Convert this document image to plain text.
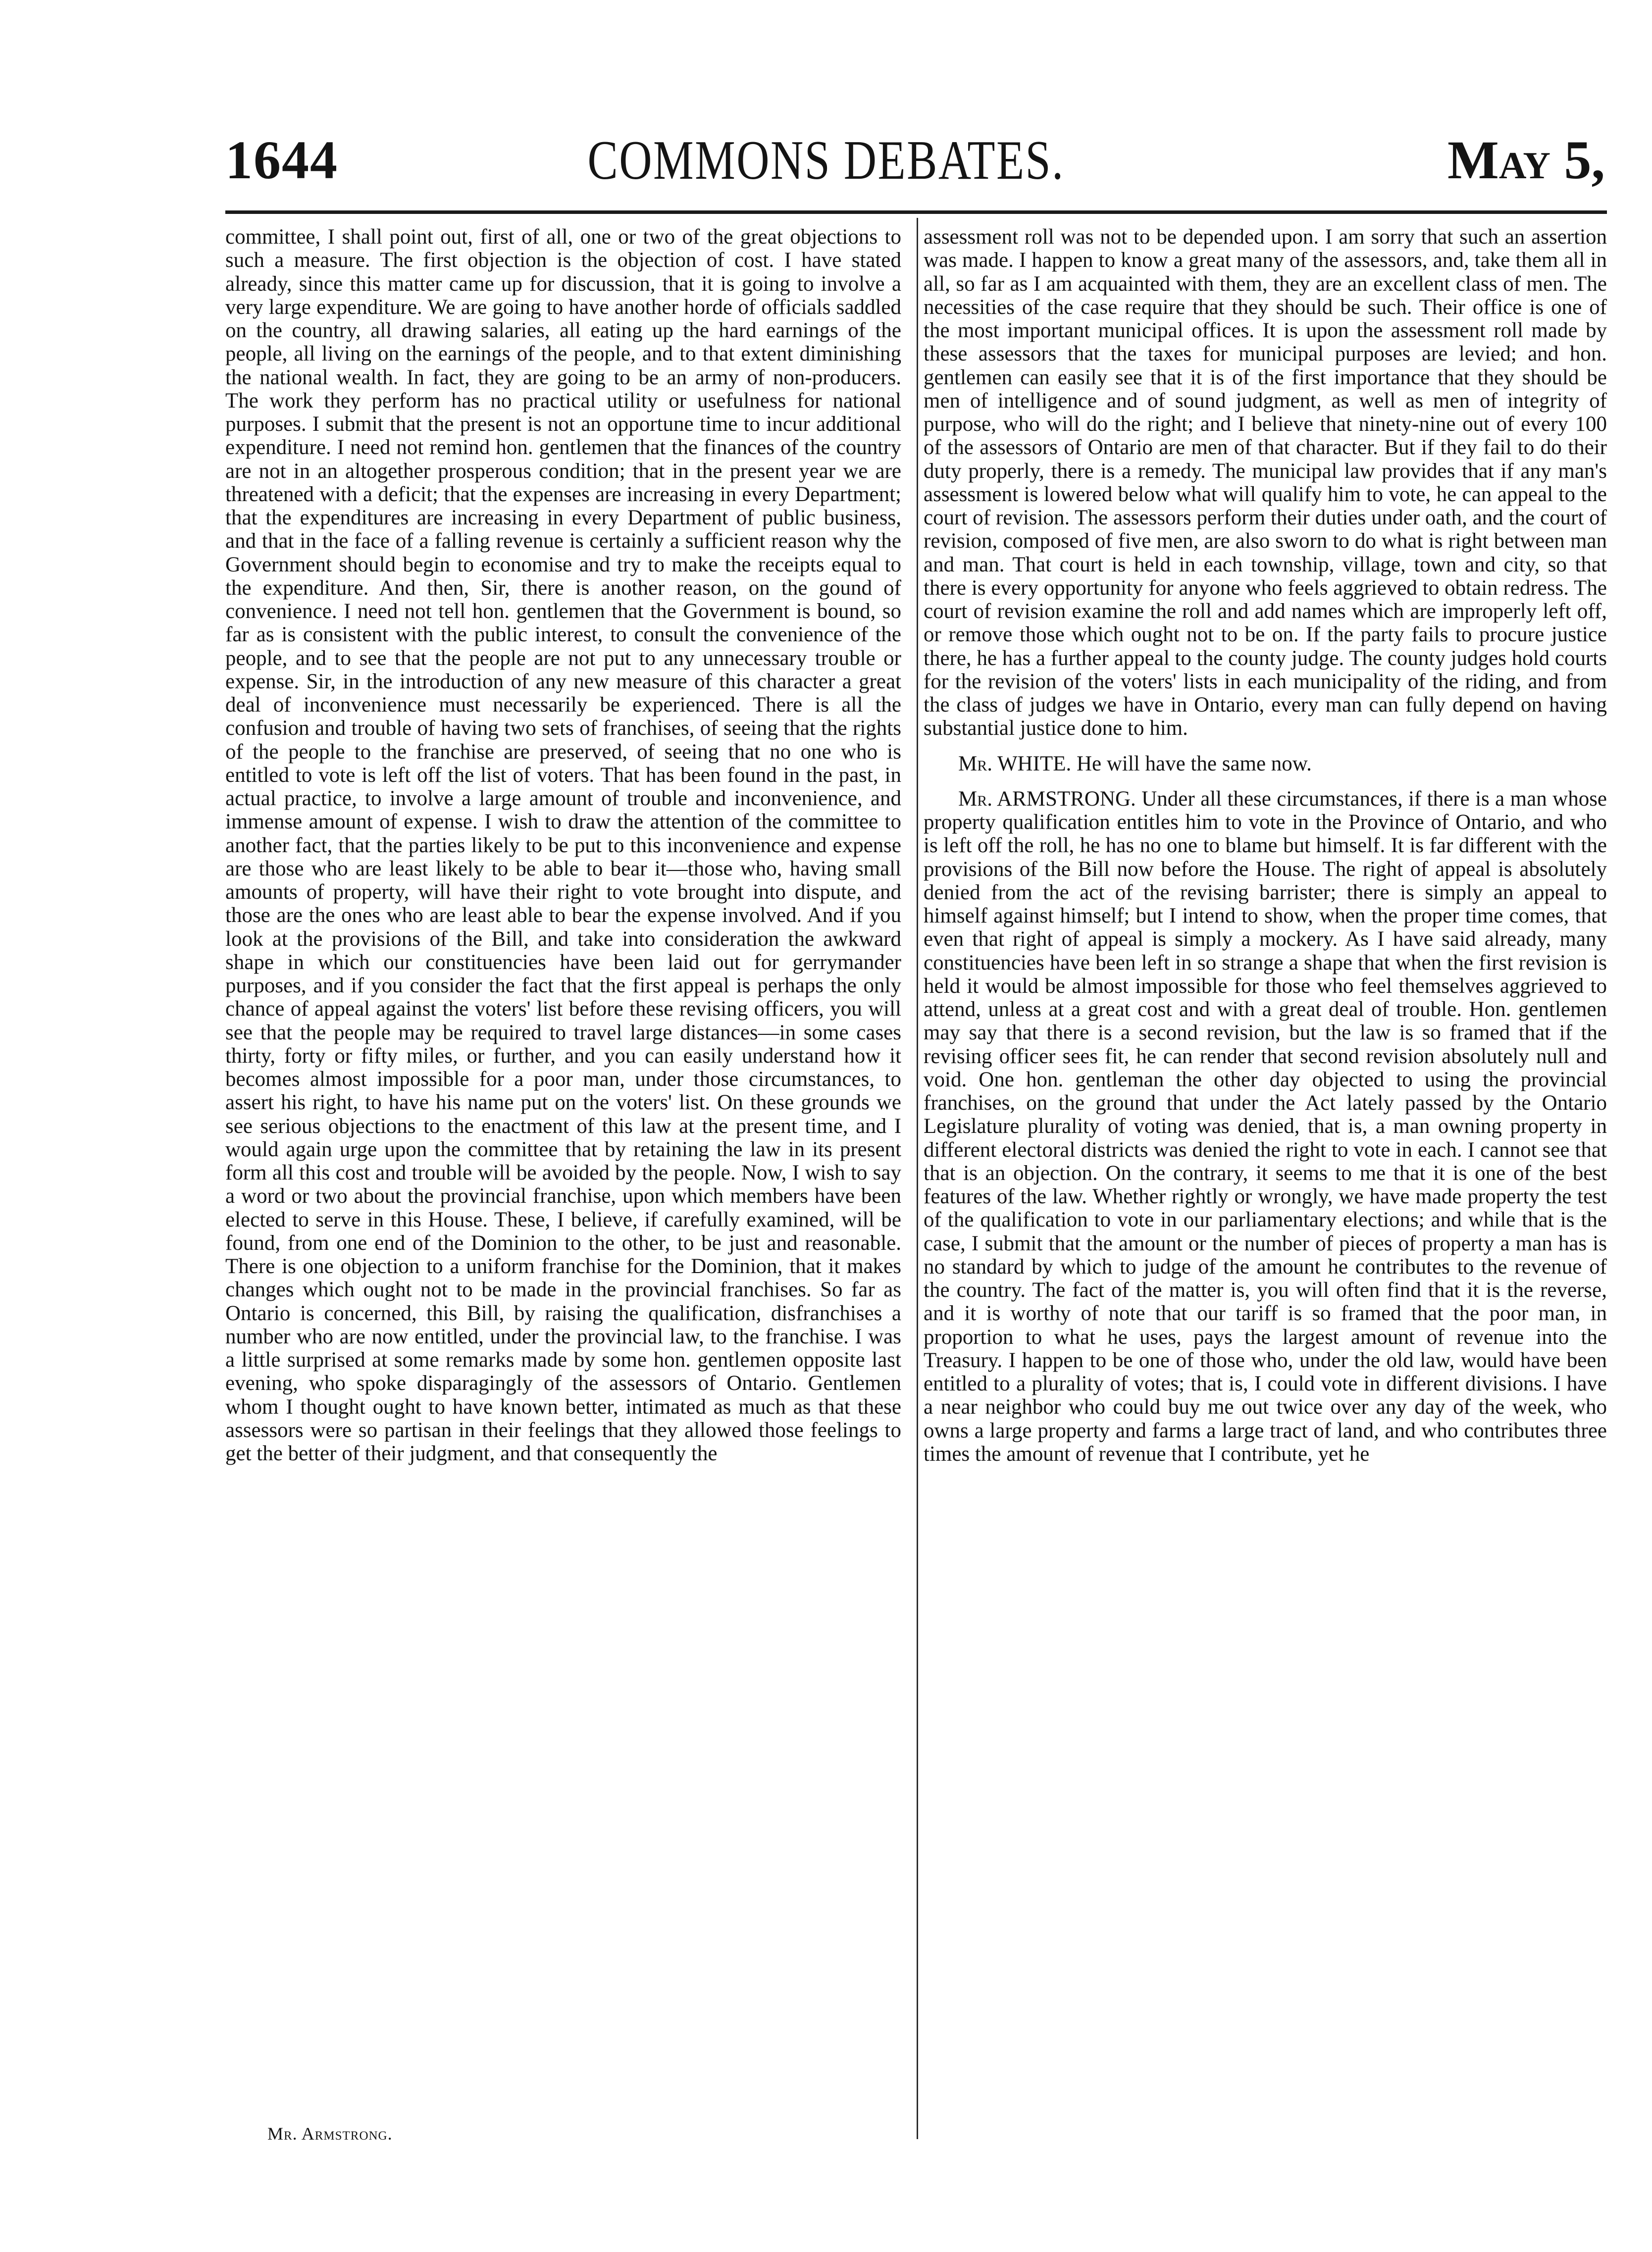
1644	COMMONS DEBATES.	May 5,

committee, I shall point out, first of all, one or two of the great objections to such a measure. The first objection is the objection of cost. I have stated already, since this matter came up for discussion, that it is going to involve a very large expenditure. We are going to have another horde of officials saddled on the country, all drawing salaries, all eating up the hard earnings of the people, all living on the earnings of the people, and to that extent diminishing the national wealth. In fact, they are going to be an army of non-producers. The work they perform has no practical utility or usefulness for national purposes. I submit that the present is not an opportune time to incur additional expenditure. I need not remind hon. gentlemen that the finances of the country are not in an altogether prosperous condition; that in the present year we are threatened with a deficit; that the expenses are increasing in every Department; that the expenditures are increasing in every Department of public business, and that in the face of a falling revenue is certainly a sufficient reason why the Government should begin to economise and try to make the receipts equal to the expenditure. And then, Sir, there is another reason, on the gound of convenience. I need not tell hon. gentlemen that the Government is bound, so far as is consistent with the public interest, to consult the convenience of the people, and to see that the people are not put to any unnecessary trouble or expense. Sir, in the introduction of any new measure of this character a great deal of inconvenience must necessarily be experienced. There is all the confusion and trouble of having two sets of franchises, of seeing that the rights of the people to the franchise are preserved, of seeing that no one who is entitled to vote is left off the list of voters. That has been found in the past, in actual practice, to involve a large amount of trouble and inconvenience, and immense amount of expense. I wish to draw the attention of the committee to another fact, that the parties likely to be put to this inconvenience and expense are those who are least likely to be able to bear it—those who, having small amounts of property, will have their right to vote brought into dispute, and those are the ones who are least able to bear the expense involved. And if you look at the provisions of the Bill, and take into consideration the awkward shape in which our constituencies have been laid out for gerrymander purposes, and if you consider the fact that the first appeal is perhaps the only chance of appeal against the voters' list before these revising officers, you will see that the people may be required to travel large distances—in some cases thirty, forty or fifty miles, or further, and you can easily understand how it becomes almost impossible for a poor man, under those circumstances, to assert his right, to have his name put on the voters' list. On these grounds we see serious objections to the enactment of this law at the present time, and I would again urge upon the committee that by retaining the law in its present form all this cost and trouble will be avoided by the people. Now, I wish to say a word or two about the provincial franchise, upon which members have been elected to serve in this House. These, I believe, if carefully examined, will be found, from one end of the Dominion to the other, to be just and reasonable. There is one objection to a uniform franchise for the Dominion, that it makes changes which ought not to be made in the provincial franchises. So far as Ontario is concerned, this Bill, by raising the qualification, disfranchises a number who are now entitled, under the provincial law, to the franchise. I was a little surprised at some remarks made by some hon. gentlemen opposite last evening, who spoke disparagingly of the assessors of Ontario. Gentlemen whom I thought ought to have known better, intimated as much as that these assessors were so partisan in their feelings that they allowed those feelings to get the better of their judgment, and that consequently the

assessment roll was not to be depended upon. I am sorry that such an assertion was made. I happen to know a great many of the assessors, and, take them all in all, so far as I am acquainted with them, they are an excellent class of men. The necessities of the case require that they should be such. Their office is one of the most important municipal offices. It is upon the assessment roll made by these assessors that the taxes for municipal purposes are levied; and hon. gentlemen can easily see that it is of the first importance that they should be men of intelligence and of sound judgment, as well as men of integrity of purpose, who will do the right; and I believe that ninety-nine out of every 100 of the assessors of Ontario are men of that character. But if they fail to do their duty properly, there is a remedy. The municipal law provides that if any man's assessment is lowered below what will qualify him to vote, he can appeal to the court of revision. The assessors perform their duties under oath, and the court of revision, composed of five men, are also sworn to do what is right between man and man. That court is held in each township, village, town and city, so that there is every opportunity for anyone who feels aggrieved to obtain redress. The court of revision examine the roll and add names which are improperly left off, or remove those which ought not to be on. If the party fails to procure justice there, he has a further appeal to the county judge. The county judges hold courts for the revision of the voters' lists in each municipality of the riding, and from the class of judges we have in Ontario, every man can fully depend on having substantial justice done to him.

Mr. WHITE. He will have the same now.

Mr. ARMSTRONG. Under all these circumstances, if there is a man whose property qualification entitles him to vote in the Province of Ontario, and who is left off the roll, he has no one to blame but himself. It is far different with the provisions of the Bill now before the House. The right of appeal is absolutely denied from the act of the revising barrister; there is simply an appeal to himself against himself; but I intend to show, when the proper time comes, that even that right of appeal is simply a mockery. As I have said already, many constituencies have been left in so strange a shape that when the first revision is held it would be almost impossible for those who feel themselves aggrieved to attend, unless at a great cost and with a great deal of trouble. Hon. gentlemen may say that there is a second revision, but the law is so framed that if the revising officer sees fit, he can render that second revision absolutely null and void. One hon. gentleman the other day objected to using the provincial franchises, on the ground that under the Act lately passed by the Ontario Legislature plurality of voting was denied, that is, a man owning property in different electoral districts was denied the right to vote in each. I cannot see that that is an objection. On the contrary, it seems to me that it is one of the best features of the law. Whether rightly or wrongly, we have made property the test of the qualification to vote in our parliamentary elections; and while that is the case, I submit that the amount or the number of pieces of property a man has is no standard by which to judge of the amount he contributes to the revenue of the country. The fact of the matter is, you will often find that it is the reverse, and it is worthy of note that our tariff is so framed that the poor man, in proportion to what he uses, pays the largest amount of revenue into the Treasury. I happen to be one of those who, under the old law, would have been entitled to a plurality of votes; that is, I could vote in different divisions. I have a near neighbor who could buy me out twice over any day of the week, who owns a large property and farms a large tract of land, and who contributes three times the amount of revenue that I contribute, yet he

Mr. Armstrong.
